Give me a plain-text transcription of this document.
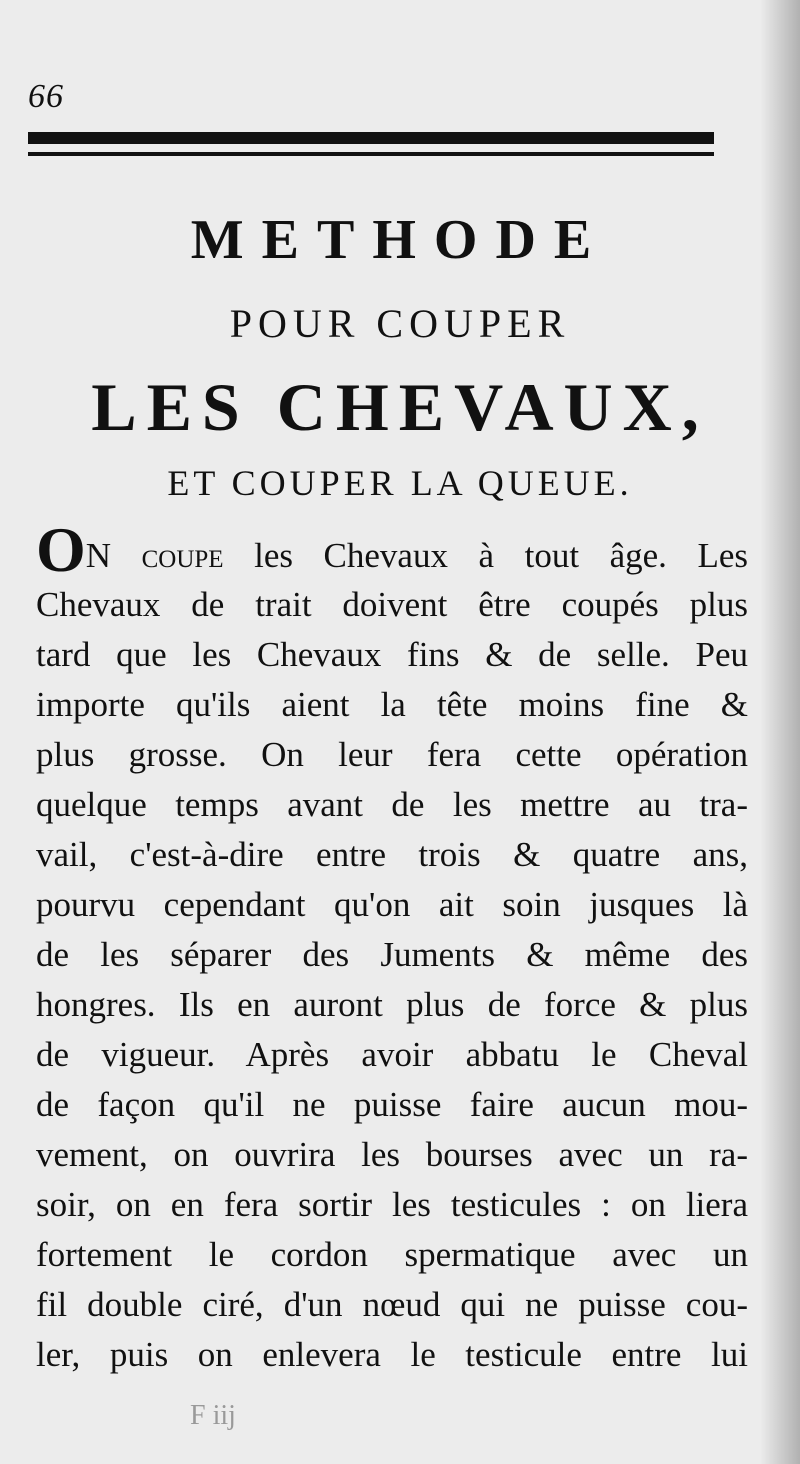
66
METHODE
POUR COUPER
LES CHEVAUX,
ET COUPER LA QUEUE.
ON coupe les Chevaux à tout âge. Les
Chevaux de trait doivent être coupés plus
tard que les Chevaux fins & de selle. Peu
importe qu'ils aient la tête moins fine &
plus grosse. On leur fera cette opération
quelque temps avant de les mettre au tra-
vail, c'est-à-dire entre trois & quatre ans,
pourvu cependant qu'on ait soin jusques là
de les séparer des Juments & même des
hongres. Ils en auront plus de force & plus
de vigueur. Après avoir abbatu le Cheval
de façon qu'il ne puisse faire aucun mou-
vement, on ouvrira les bourses avec un ra-
soir, on en fera sortir les testicules : on liera
fortement le cordon spermatique avec un
fil double ciré, d'un nœud qui ne puisse cou-
ler, puis on enlevera le testicule entre lui
F iij
